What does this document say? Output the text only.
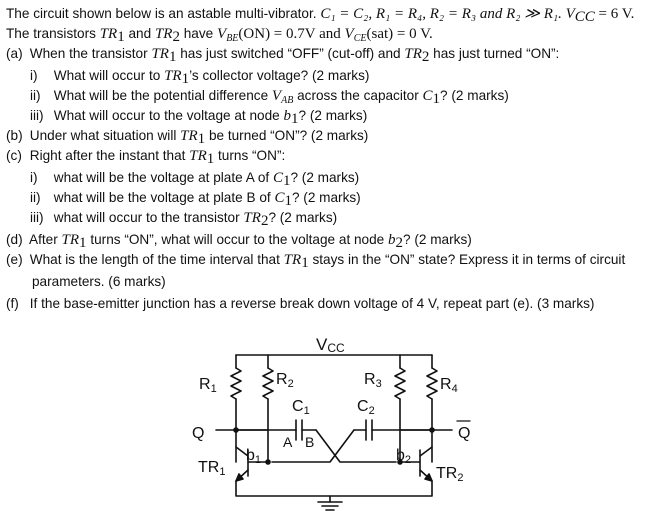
The circuit shown below is an astable multi-vibrator. C₁ = C₂, R₁ = R₄, R₂ = R₃ and R₂ ≫ R₁. $V_{CC} = 6$ V.
The transistors $TR_1$ and $TR_2$ have $V_{BE}(ON) = 0.7V$ and $V_{CE}(sat) = 0$ V.
(a) When the transistor $TR_1$ has just switched “OFF” (cut-off) and $TR_2$ has just turned “ON”:
i) What will occur to $TR_1’s$ collector voltage? (2 marks)
ii) What will be the potential difference $V_{AB}$ across the capacitor $C_1$? (2 marks)
iii) What will occur to the voltage at node $b_1$? (2 marks)
(b) Under what situation will $TR_1$ be turned “ON”? (2 marks)
(c) Right after the instant that $TR_1$ turns “ON”:
i) what will be the voltage at plate A of $C_1$? (2 marks)
ii) what will be the voltage at plate B of $C_1$? (2 marks)
iii) what will occur to the transistor $TR_2$? (2 marks)
(d) After $TR_1$ turns “ON”, what will occur to the voltage at node $b_2$? (2 marks)
(e) What is the length of the time interval that $TR_1$ stays in the “ON” state? Express it in terms of circuit
parameters. (6 marks)
(f) If the base-emitter junction has a reverse break down voltage of 4 V, repeat part (e). (3 marks)
VCC
R1
R2	R3	R4
Q	Q
C1
A B
C2
TR1
b1
TR2
b2
